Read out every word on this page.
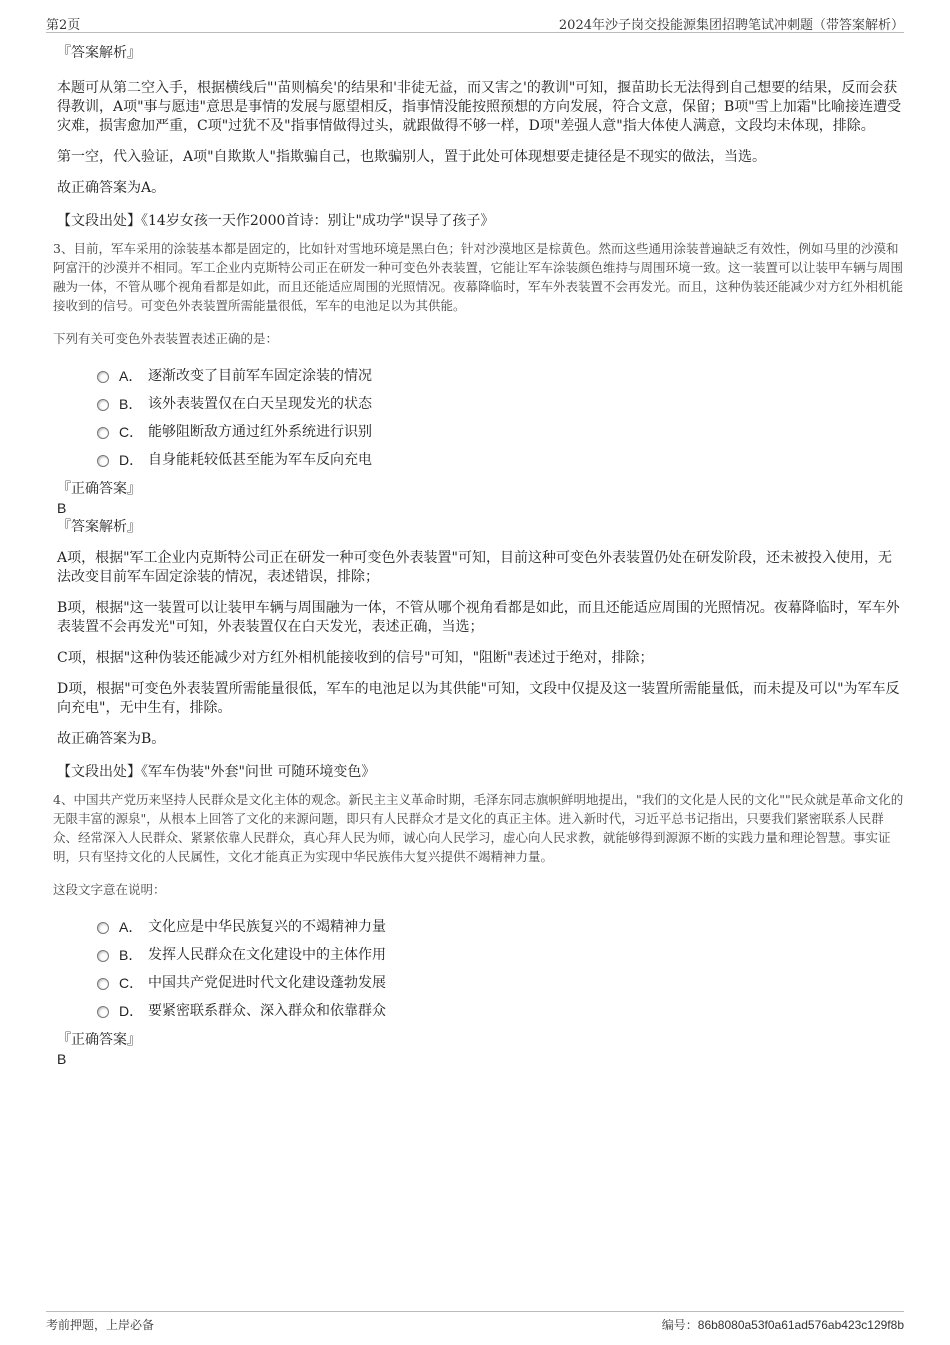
第2页	2024年沙子岗交投能源集团招聘笔试冲刺题（带答案解析）

『答案解析』

本题可从第二空入手，根据横线后"'苗则槁矣'的结果和'非徒无益，而又害之'的教训"可知，揠苗助长无法得到自己想要的结果，反而会获得教训，A项"事与愿违"意思是事情的发展与愿望相反，指事情没能按照预想的方向发展，符合文意，保留；B项"雪上加霜"比喻接连遭受灾难，损害愈加严重，C项"过犹不及"指事情做得过头，就跟做得不够一样，D项"差强人意"指大体使人满意，文段均未体现，排除。

第一空，代入验证，A项"自欺欺人"指欺骗自己，也欺骗别人，置于此处可体现想要走捷径是不现实的做法，当选。

故正确答案为A。

【文段出处】《14岁女孩一天作2000首诗：别让"成功学"误导了孩子》

3、目前，军车采用的涂装基本都是固定的，比如针对雪地环境是黑白色；针对沙漠地区是棕黄色。然而这些通用涂装普遍缺乏有效性，例如马里的沙漠和阿富汗的沙漠并不相同。军工企业内克斯特公司正在研发一种可变色外表装置，它能让军车涂装颜色维持与周围环境一致。这一装置可以让装甲车辆与周围融为一体，不管从哪个视角看都是如此，而且还能适应周围的光照情况。夜幕降临时，军车外表装置不会再发光。而且，这种伪装还能减少对方红外相机能接收到的信号。可变色外表装置所需能量很低，军车的电池足以为其供能。

下列有关可变色外表装置表述正确的是：

A． 逐渐改变了目前军车固定涂装的情况
B． 该外表装置仅在白天呈现发光的状态
C． 能够阻断敌方通过红外系统进行识别
D． 自身能耗较低甚至能为军车反向充电

『正确答案』

B

『答案解析』

A项，根据"军工企业内克斯特公司正在研发一种可变色外表装置"可知，目前这种可变色外表装置仍处在研发阶段，还未被投入使用，无法改变目前军车固定涂装的情况，表述错误，排除；

B项，根据"这一装置可以让装甲车辆与周围融为一体，不管从哪个视角看都是如此，而且还能适应周围的光照情况。夜幕降临时，军车外表装置不会再发光"可知，外表装置仅在白天发光，表述正确，当选；

C项，根据"这种伪装还能减少对方红外相机能接收到的信号"可知，"阻断"表述过于绝对，排除；

D项，根据"可变色外表装置所需能量很低，军车的电池足以为其供能"可知，文段中仅提及这一装置所需能量低，而未提及可以"为军车反向充电"，无中生有，排除。

故正确答案为B。

【文段出处】《军车伪装"外套"问世 可随环境变色》

4、中国共产党历来坚持人民群众是文化主体的观念。新民主主义革命时期，毛泽东同志旗帜鲜明地提出，"我们的文化是人民的文化""民众就是革命文化的无限丰富的源泉"，从根本上回答了文化的来源问题，即只有人民群众才是文化的真正主体。进入新时代，习近平总书记指出，只要我们紧密联系人民群众、经常深入人民群众、紧紧依靠人民群众，真心拜人民为师，诚心向人民学习，虚心向人民求教，就能够得到源源不断的实践力量和理论智慧。事实证明，只有坚持文化的人民属性，文化才能真正为实现中华民族伟大复兴提供不竭精神力量。

这段文字意在说明：

A． 文化应是中华民族复兴的不竭精神力量
B． 发挥人民群众在文化建设中的主体作用
C． 中国共产党促进时代文化建设蓬勃发展
D． 要紧密联系群众、深入群众和依靠群众

『正确答案』

B

考前押题，上岸必备	编号：86b8080a53f0a61ad576ab423c129f8b
